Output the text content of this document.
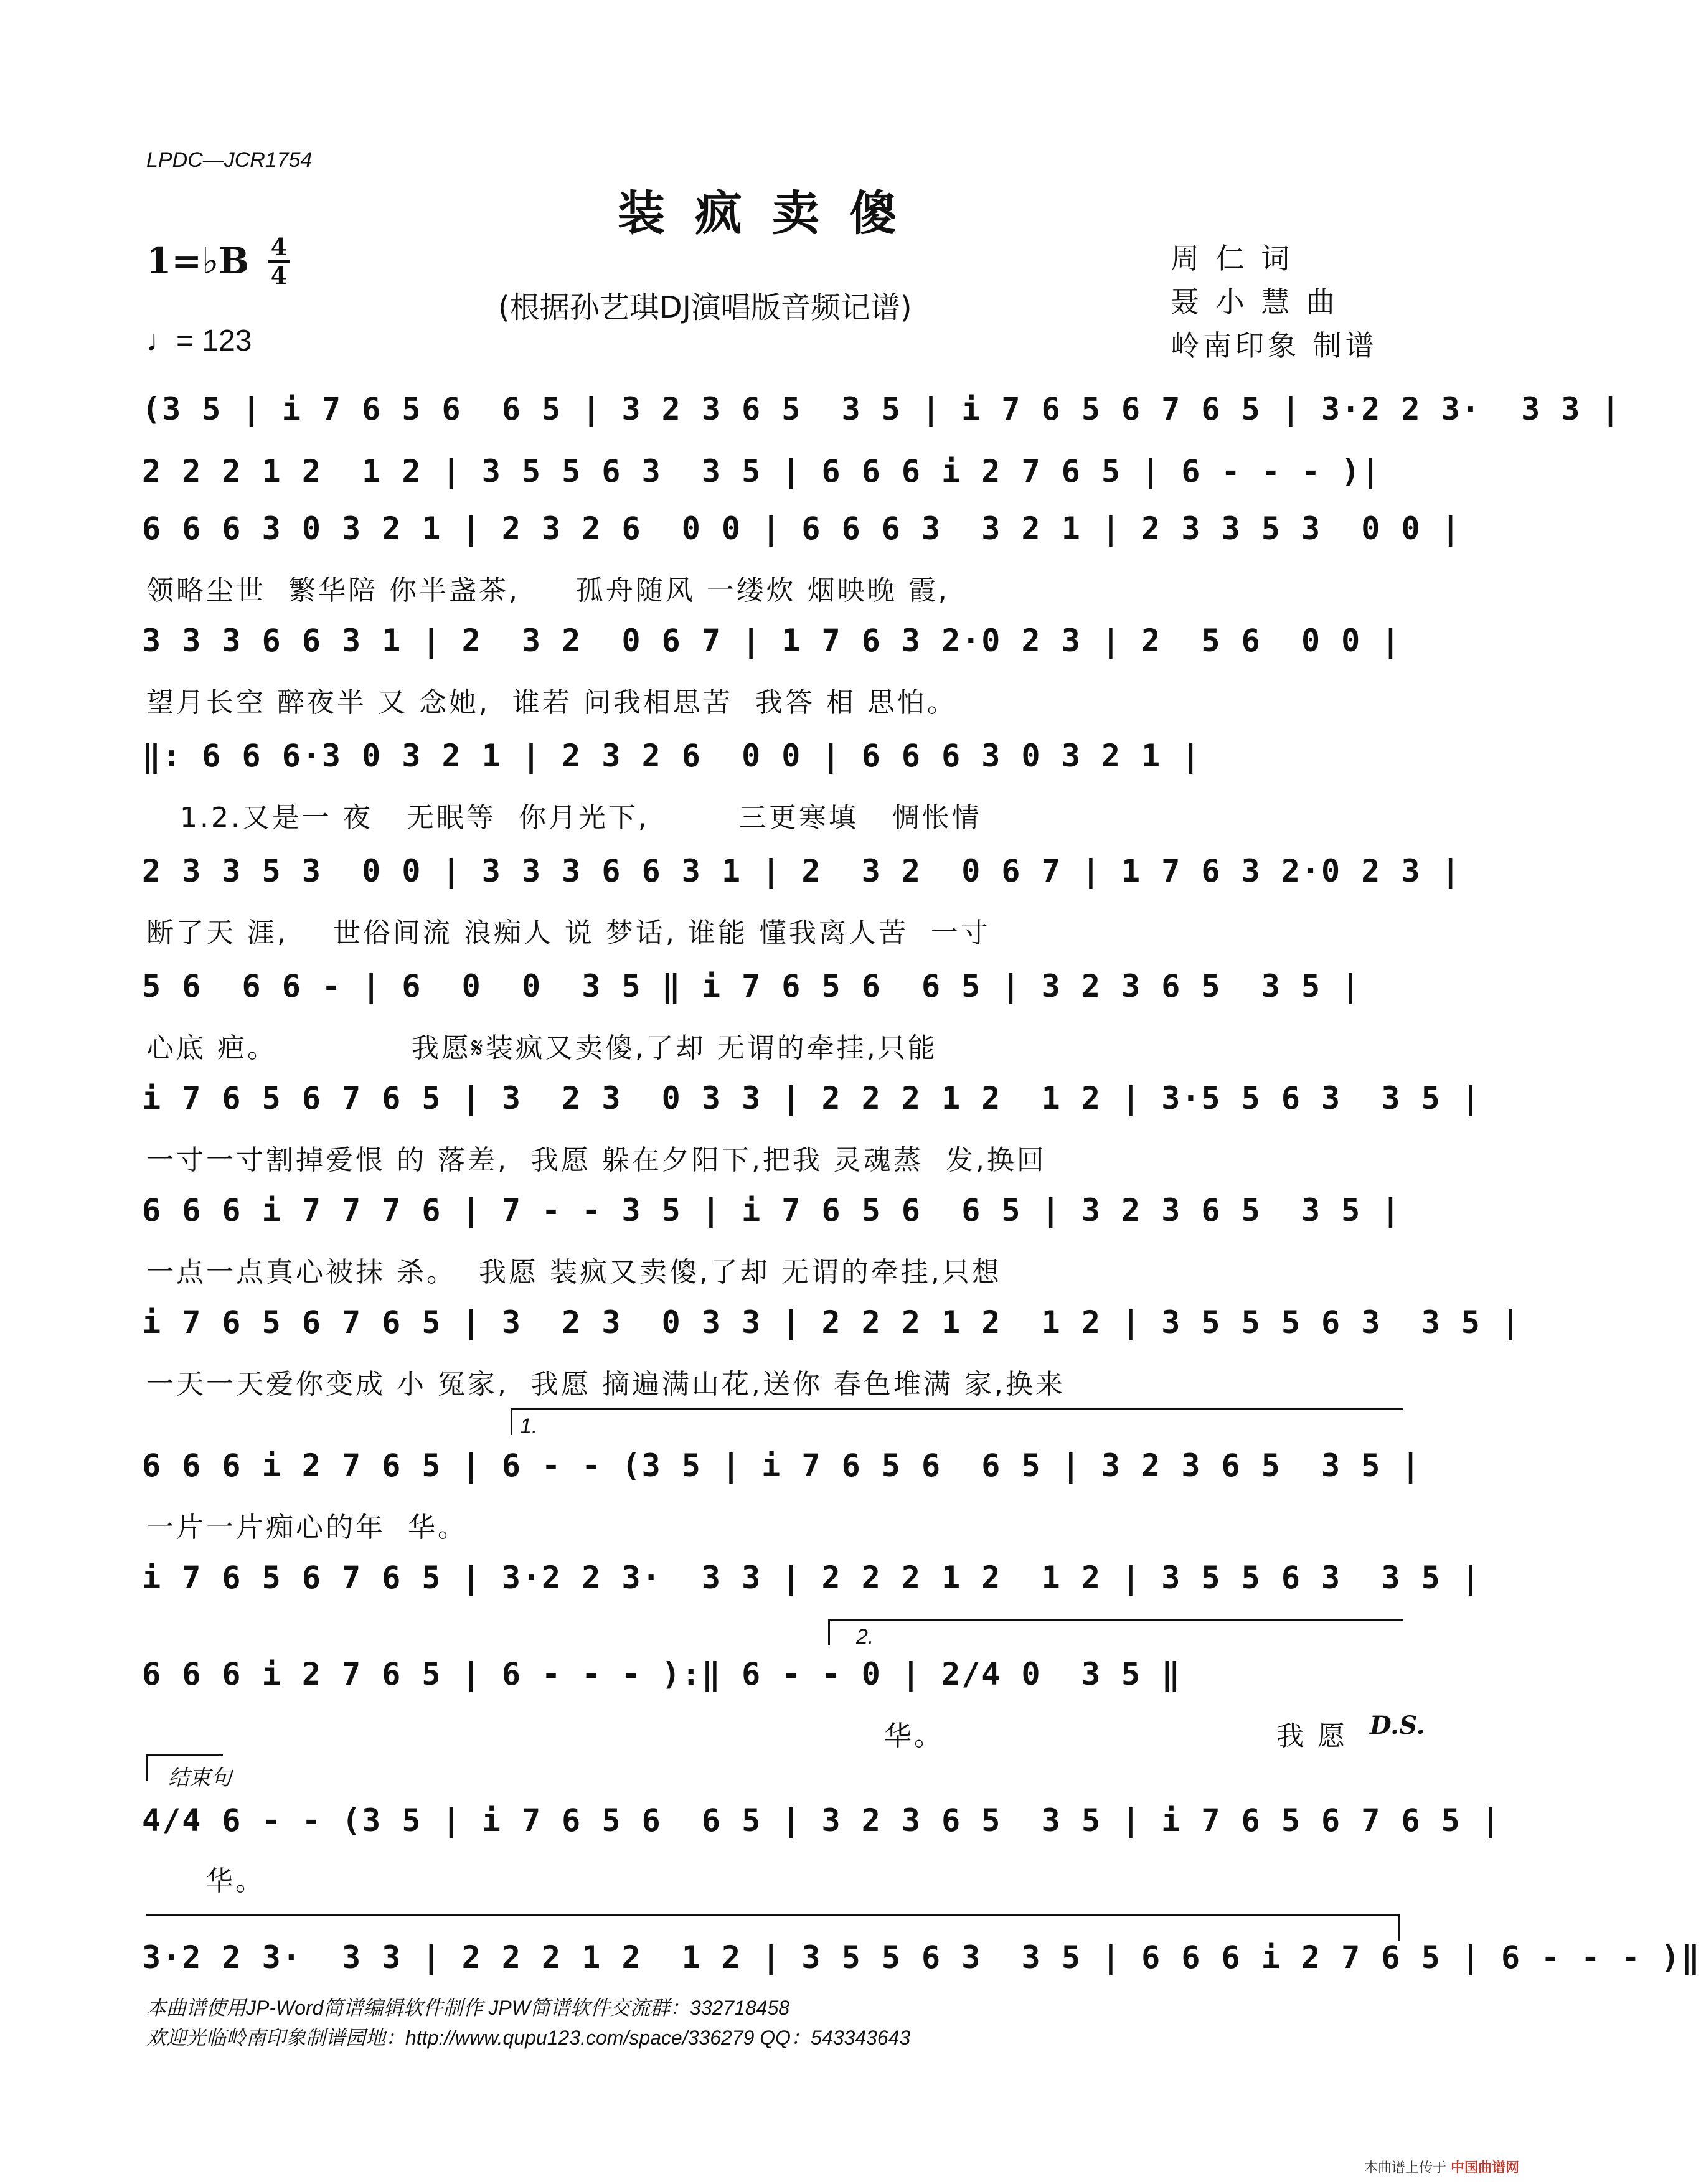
LPDC—JCR1754
装疯卖傻
1=♭B 4
4
(根据孙艺琪DJ演唱版音频记谱)
♩= 123
周 仁 词
聂 小 慧 曲
岭南印象 制谱
(3 5 | i 7 6 5 6  6 5 | 3 2 3 6 5  3 5 | i 7 6 5 6 7 6 5 | 3·2 2 3·  3 3 |
2 2 2 1 2  1 2 | 3 5 5 6 3  3 5 | 6 6 6 i 2 7 6 5 | 6 - - - )|
6 6 6 3 0 3 2 1 | 2 3 2 6  0 0 | 6 6 6 3  3 2 1 | 2 3 3 5 3  0 0 |
领略尘世  繁华陪 你半盏茶,     孤舟随风 一缕炊 烟映晚 霞,
3 3 3 6 6 3 1 | 2  3 2  0 6 7 | 1 7 6 3 2·0 2 3 | 2  5 6  0 0 |
望月长空 醉夜半 又 念她,  谁若 问我相思苦  我答 相 思怕。
‖: 6 6 6·3 0 3 2 1 | 2 3 2 6  0 0 | 6 6 6 3 0 3 2 1 |
1.2.又是一 夜   无眠等  你月光下,        三更寒填   惆怅情
2 3 3 5 3  0 0 | 3 3 3 6 6 3 1 | 2  3 2  0 6 7 | 1 7 6 3 2·0 2 3 |
断了天 涯,    世俗间流 浪痴人 说 梦话, 谁能 懂我离人苦  一寸
5 6  6 6 - | 6  0  0  3 5 ‖ i 7 6 5 6  6 5 | 3 2 3 6 5  3 5 |
心底 疤。            我愿𝄋装疯又卖傻,了却 无谓的牵挂,只能
i 7 6 5 6 7 6 5 | 3  2 3  0 3 3 | 2 2 2 1 2  1 2 | 3·5 5 6 3  3 5 |
一寸一寸割掉爱恨 的 落差,  我愿 躲在夕阳下,把我 灵魂蒸  发,换回
6 6 6 i 7 7 7 6 | 7 - - 3 5 | i 7 6 5 6  6 5 | 3 2 3 6 5  3 5 |
一点一点真心被抹 杀。  我愿 装疯又卖傻,了却 无谓的牵挂,只想
i 7 6 5 6 7 6 5 | 3  2 3  0 3 3 | 2 2 2 1 2  1 2 | 3 5 5 5 6 3  3 5 |
一天一天爱你变成 小 冤家,  我愿 摘遍满山花,送你 春色堆满 家,换来
1.
6 6 6 i 2 7 6 5 | 6 - - (3 5 | i 7 6 5 6  6 5 | 3 2 3 6 5  3 5 |
一片一片痴心的年  华。
i 7 6 5 6 7 6 5 | 3·2 2 3·  3 3 | 2 2 2 1 2  1 2 | 3 5 5 6 3  3 5 |
2.
6 6 6 i 2 7 6 5 | 6 - - - ):‖ 6 - - 0 | 2/4 0  3 5 ‖
华。	我 愿 D.S.
结束句
4/4 6 - - (3 5 | i 7 6 5 6  6 5 | 3 2 3 6 5  3 5 | i 7 6 5 6 7 6 5 |
华。
3·2 2 3·  3 3 | 2 2 2 1 2  1 2 | 3 5 5 6 3  3 5 | 6 6 6 i 2 7 6 5 | 6 - - - )‖
本曲谱使用JP-Word简谱编辑软件制作 JPW简谱软件交流群：332718458
欢迎光临岭南印象制谱园地：http://www.qupu123.com/space/336279 QQ：543343643
本曲谱上传于 中国曲谱网
